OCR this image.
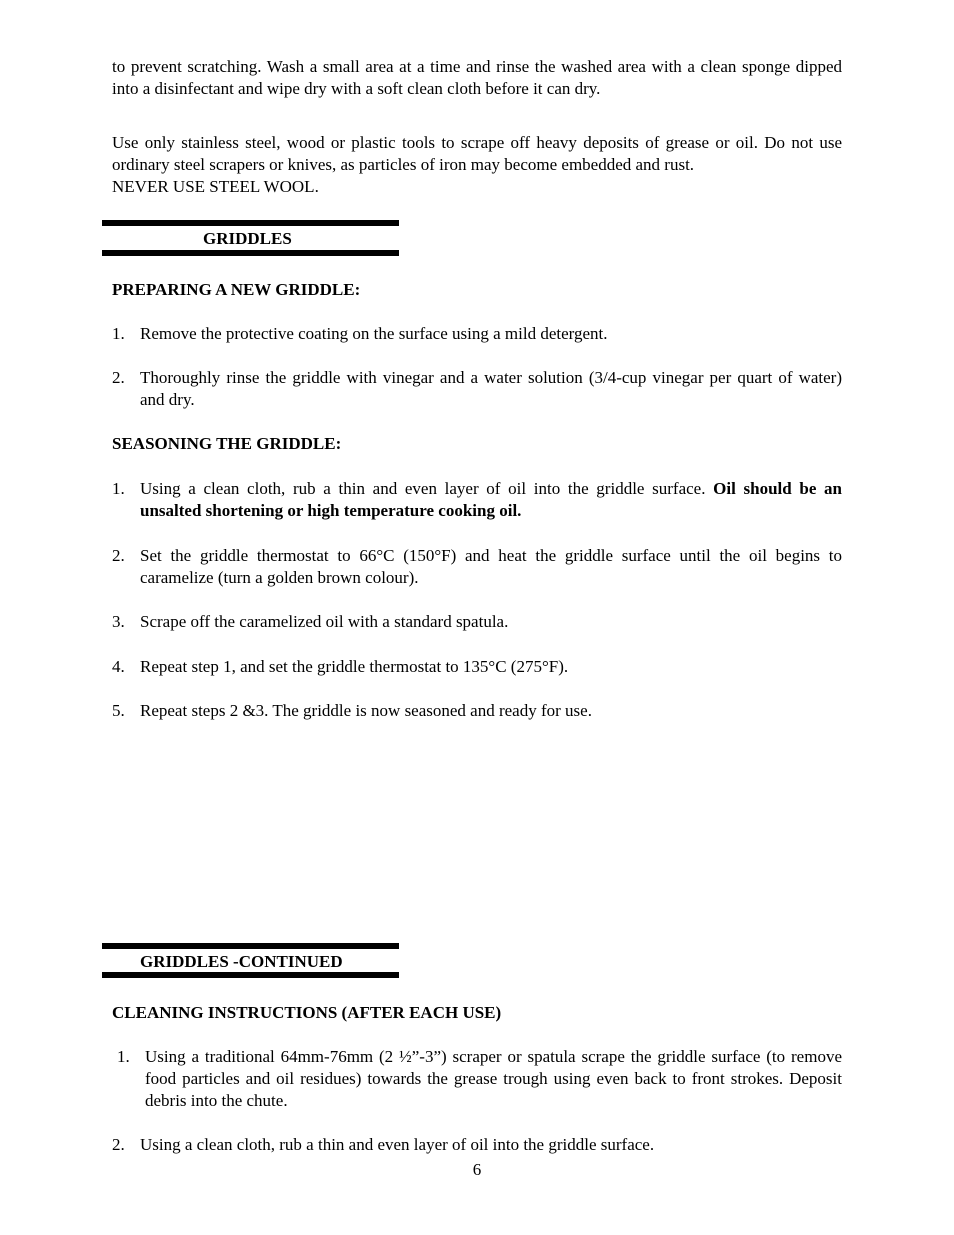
to prevent scratching. Wash a small area at a time and rinse the washed area with a clean sponge dipped into a disinfectant and wipe dry with a soft clean cloth before it can dry.

Use only stainless steel, wood or plastic tools to scrape off heavy deposits of grease or oil. Do not use ordinary steel scrapers or knives, as particles of iron may become embedded and rust.
NEVER USE STEEL WOOL.

GRIDDLES
PREPARING A NEW GRIDDLE:
1. Remove the protective coating on the surface using a mild detergent.
2. Thoroughly rinse the griddle with vinegar and a water solution (3/4-cup vinegar per quart of water) and dry.
SEASONING THE GRIDDLE:
1. Using a clean cloth, rub a thin and even layer of oil into the griddle surface. Oil should be an unsalted shortening or high temperature cooking oil.
2. Set the griddle thermostat to 66°C (150°F) and heat the griddle surface until the oil begins to caramelize (turn a golden brown colour).
3. Scrape off the caramelized oil with a standard spatula.
4. Repeat step 1, and set the griddle thermostat to 135°C (275°F).
5. Repeat steps 2 &3. The griddle is now seasoned and ready for use.
GRIDDLES -CONTINUED
CLEANING INSTRUCTIONS (AFTER EACH USE)
1. Using a traditional 64mm-76mm (2 ½”-3”) scraper or spatula scrape the griddle surface (to remove food particles and oil residues) towards the grease trough using even back to front strokes. Deposit debris into the chute.
2. Using a clean cloth, rub a thin and even layer of oil into the griddle surface.
6
